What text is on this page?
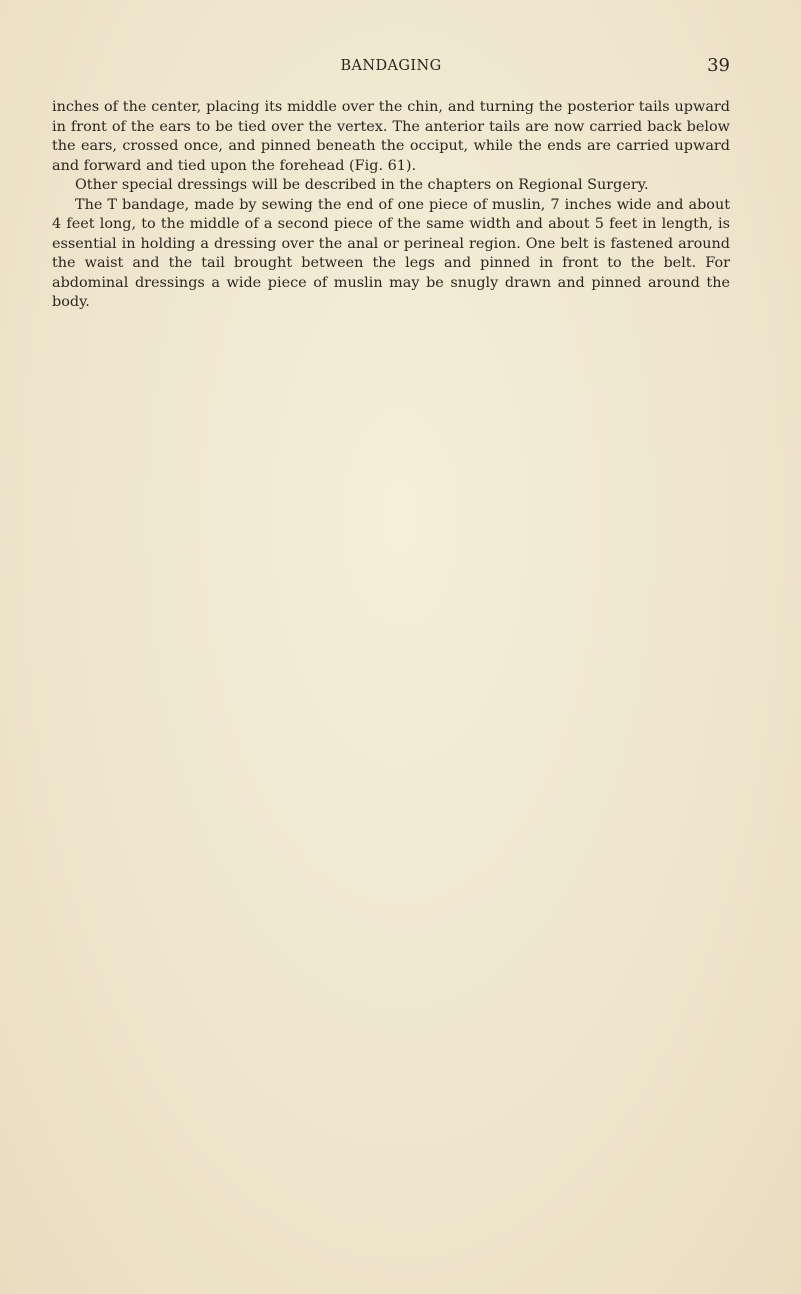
BANDAGING	39

inches of the center, placing its middle over the chin, and turning the posterior tails upward in front of the ears to be tied over the vertex. The anterior tails are now carried back below the ears, crossed once, and pinned beneath the occiput, while the ends are carried upward and forward and tied upon the forehead (Fig. 61).

Other special dressings will be described in the chapters on Regional Surgery.

The T bandage, made by sewing the end of one piece of muslin, 7 inches wide and about 4 feet long, to the middle of a second piece of the same width and about 5 feet in length, is essential in holding a dressing over the anal or perineal region. One belt is fastened around the waist and the tail brought between the legs and pinned in front to the belt. For abdominal dressings a wide piece of muslin may be snugly drawn and pinned around the body.
